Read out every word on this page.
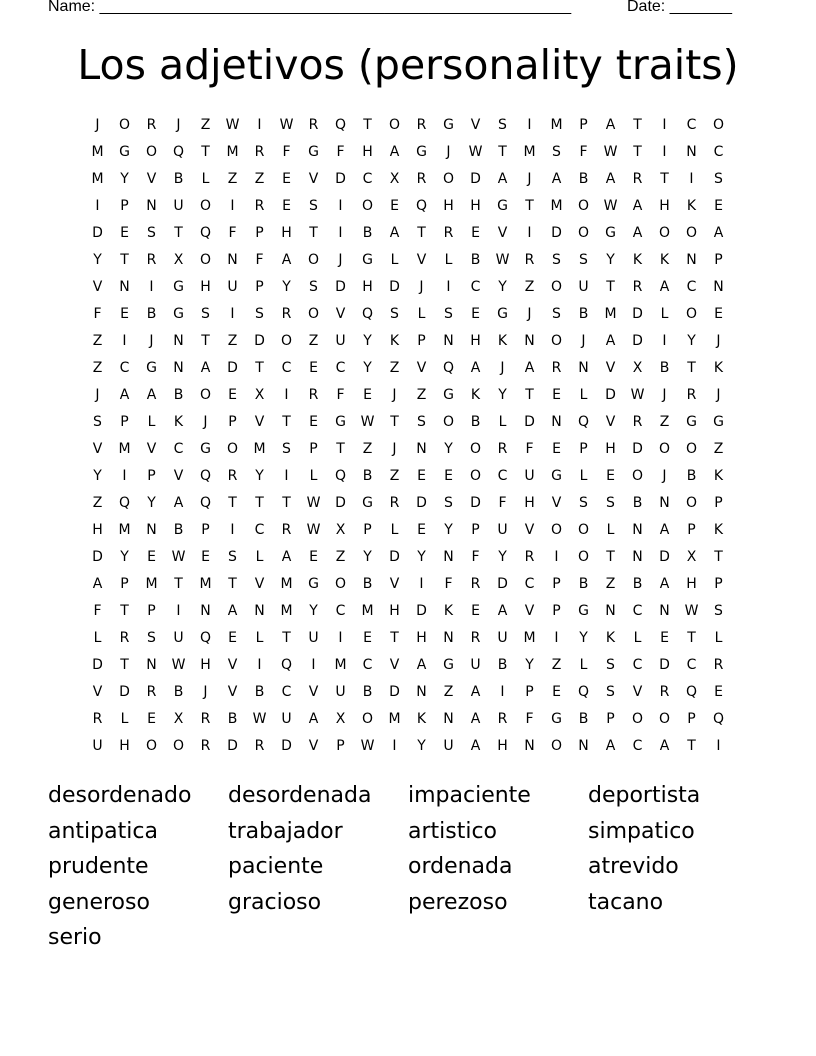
Name: _____________________________________________________	Date: _______
Los adjetivos (personality traits)
J	O	R	J	Z	W	I	W	R	Q	T	O	R	G	V	S	I	M	P	A	T	I	C	O
M	G	O	Q	T	M	R	F	G	F	H	A	G	J	W	T	M	S	F	W	T	I	N	C
M	Y	V	B	L	Z	Z	E	V	D	C	X	R	O	D	A	J	A	B	A	R	T	I	S
I	P	N	U	O	I	R	E	S	I	O	E	Q	H	H	G	T	M	O	W	A	H	K	E
D	E	S	T	Q	F	P	H	T	I	B	A	T	R	E	V	I	D	O	G	A	O	O	A
Y	T	R	X	O	N	F	A	O	J	G	L	V	L	B	W	R	S	S	Y	K	K	N	P
V	N	I	G	H	U	P	Y	S	D	H	D	J	I	C	Y	Z	O	U	T	R	A	C	N
F	E	B	G	S	I	S	R	O	V	Q	S	L	S	E	G	J	S	B	M	D	L	O	E
Z	I	J	N	T	Z	D	O	Z	U	Y	K	P	N	H	K	N	O	J	A	D	I	Y	J
Z	C	G	N	A	D	T	C	E	C	Y	Z	V	Q	A	J	A	R	N	V	X	B	T	K
J	A	A	B	O	E	X	I	R	F	E	J	Z	G	K	Y	T	E	L	D	W	J	R	J
S	P	L	K	J	P	V	T	E	G	W	T	S	O	B	L	D	N	Q	V	R	Z	G	G
V	M	V	C	G	O	M	S	P	T	Z	J	N	Y	O	R	F	E	P	H	D	O	O	Z
Y	I	P	V	Q	R	Y	I	L	Q	B	Z	E	E	O	C	U	G	L	E	O	J	B	K
Z	Q	Y	A	Q	T	T	T	W	D	G	R	D	S	D	F	H	V	S	S	B	N	O	P
H	M	N	B	P	I	C	R	W	X	P	L	E	Y	P	U	V	O	O	L	N	A	P	K
D	Y	E	W	E	S	L	A	E	Z	Y	D	Y	N	F	Y	R	I	O	T	N	D	X	T
A	P	M	T	M	T	V	M	G	O	B	V	I	F	R	D	C	P	B	Z	B	A	H	P
F	T	P	I	N	A	N	M	Y	C	M	H	D	K	E	A	V	P	G	N	C	N	W	S
L	R	S	U	Q	E	L	T	U	I	E	T	H	N	R	U	M	I	Y	K	L	E	T	L
D	T	N	W	H	V	I	Q	I	M	C	V	A	G	U	B	Y	Z	L	S	C	D	C	R
V	D	R	B	J	V	B	C	V	U	B	D	N	Z	A	I	P	E	Q	S	V	R	Q	E
R	L	E	X	R	B	W	U	A	X	O	M	K	N	A	R	F	G	B	P	O	O	P	Q
U	H	O	O	R	D	R	D	V	P	W	I	Y	U	A	H	N	O	N	A	C	A	T	I
desordenado	desordenada	impaciente	deportista
antipatica	trabajador	artistico	simpatico
prudente	paciente	ordenada	atrevido
generoso	gracioso	perezoso	tacano
serio
